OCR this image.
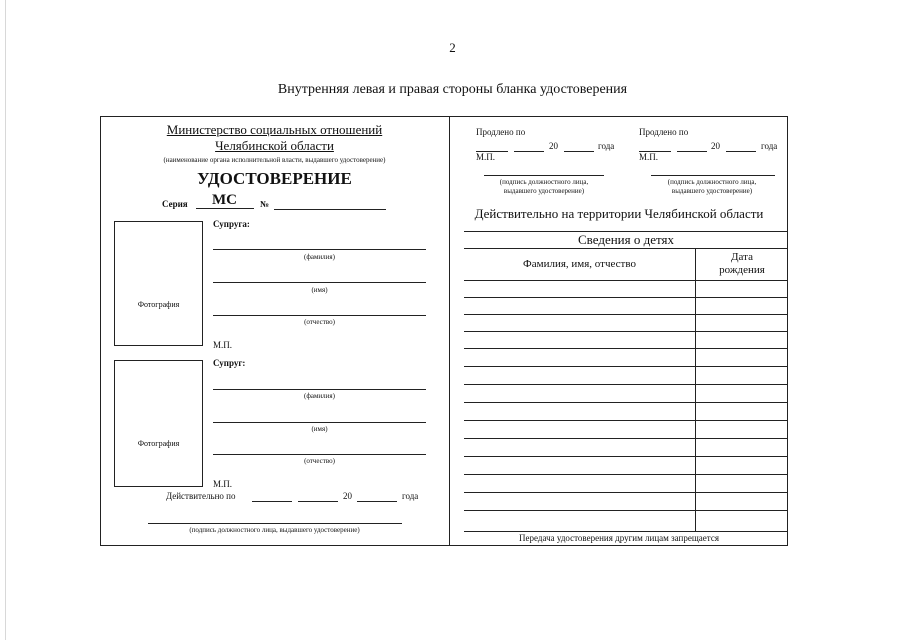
2
Внутренняя левая и правая стороны бланка удостоверения
Министерство социальных отношений
Челябинской области
(наименование органа исполнительной власти, выдавшего удостоверение)
УДОСТОВЕРЕНИЕ
Серия МС	№
Фотография
Супруга:
(фамилия)
(имя)
(отчество)
М.П.
Фотография
Супруг:
(фамилия)
(имя)
(отчество)
М.П.
Действительно по	20	года
(подпись должностного лица, выдавшего удостоверение)
Продлено по
20	года
М.П.
(подпись должностного лица,
выдавшего удостоверение)
Продлено по
20	года
М.П.
(подпись должностного лица,
выдавшего удостоверение)
Действительно на территории Челябинской области
Сведения о детях
Фамилия, имя, отчество
Дата
рождения
Передача удостоверения другим лицам запрещается
